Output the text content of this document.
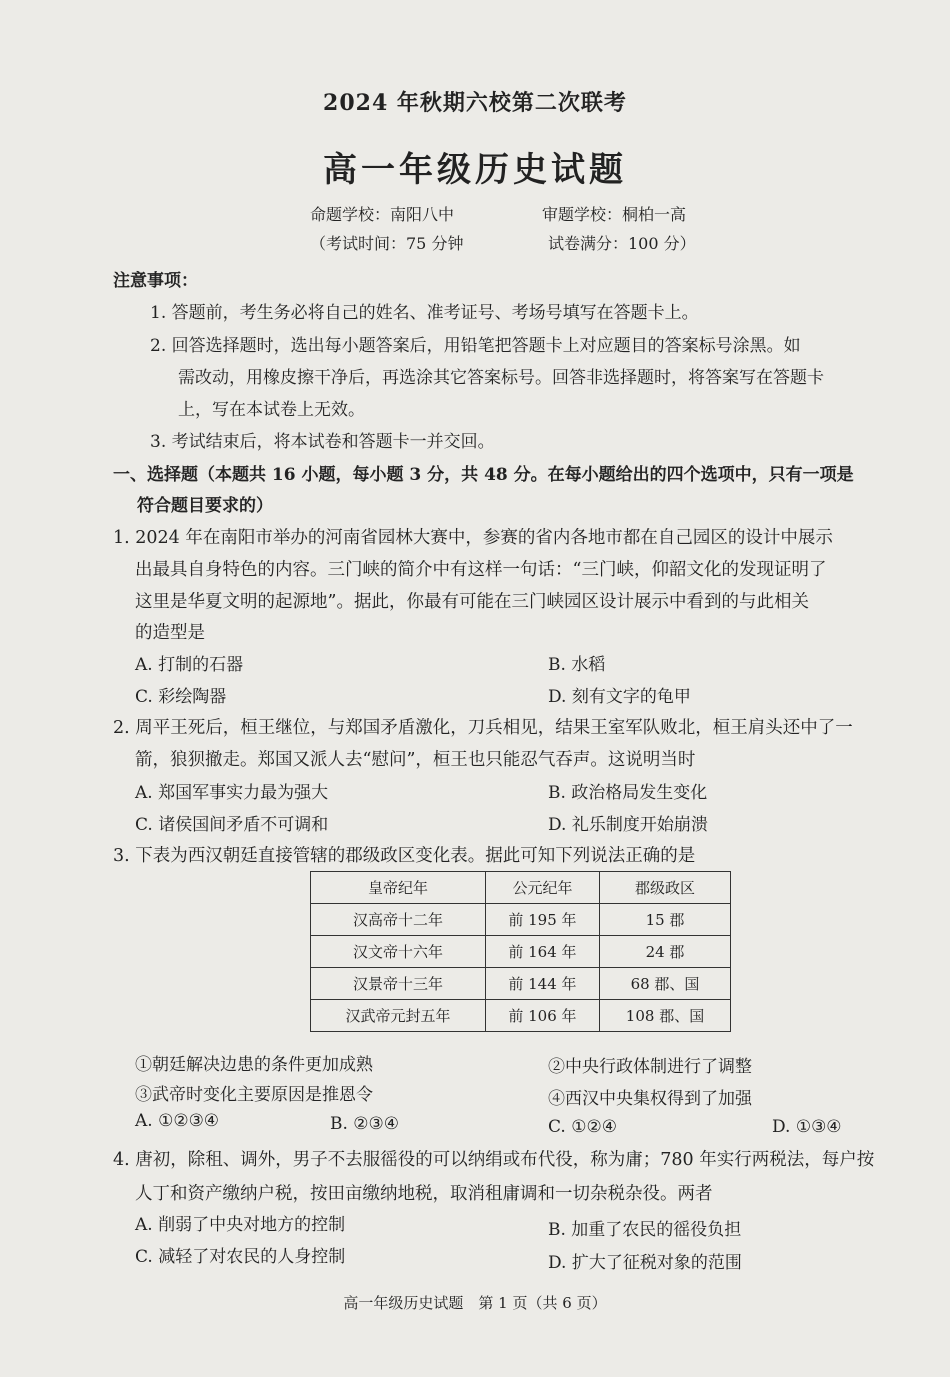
2024 年秋期六校第二次联考
高一年级历史试题
命题学校：南阳八中	审题学校：桐柏一高
（考试时间：75 分钟	试卷满分：100 分）
注意事项：
1. 答题前，考生务必将自己的姓名、准考证号、考场号填写在答题卡上。
2. 回答选择题时，选出每小题答案后，用铅笔把答题卡上对应题目的答案标号涂黑。如
需改动，用橡皮擦干净后，再选涂其它答案标号。回答非选择题时，将答案写在答题卡
上，写在本试卷上无效。
3. 考试结束后，将本试卷和答题卡一并交回。
一、选择题（本题共 16 小题，每小题 3 分，共 48 分。在每小题给出的四个选项中，只有一项是
符合题目要求的）
1. 2024 年在南阳市举办的河南省园林大赛中，参赛的省内各地市都在自己园区的设计中展示
出最具自身特色的内容。三门峡的简介中有这样一句话：“三门峡，仰韶文化的发现证明了
这里是华夏文明的起源地”。据此，你最有可能在三门峡园区设计展示中看到的与此相关
的造型是
A. 打制的石器	B. 水稻
C. 彩绘陶器	D. 刻有文字的龟甲
2. 周平王死后，桓王继位，与郑国矛盾激化，刀兵相见，结果王室军队败北，桓王肩头还中了一
箭，狼狈撤走。郑国又派人去“慰问”，桓王也只能忍气吞声。这说明当时
A. 郑国军事实力最为强大	B. 政治格局发生变化
C. 诸侯国间矛盾不可调和	D. 礼乐制度开始崩溃
3. 下表为西汉朝廷直接管辖的郡级政区变化表。据此可知下列说法正确的是
皇帝纪年	公元纪年	郡级政区
汉高帝十二年	前 195 年	15 郡
汉文帝十六年	前 164 年	24 郡
汉景帝十三年	前 144 年	68 郡、国
汉武帝元封五年	前 106 年	108 郡、国
①朝廷解决边患的条件更加成熟	②中央行政体制进行了调整
③武帝时变化主要原因是推恩令	④西汉中央集权得到了加强
A. ①②③④	B. ②③④	C. ①②④	D. ①③④
4. 唐初，除租、调外，男子不去服徭役的可以纳绢或布代役，称为庸；780 年实行两税法，每户按
人丁和资产缴纳户税，按田亩缴纳地税，取消租庸调和一切杂税杂役。两者
A. 削弱了中央对地方的控制	B. 加重了农民的徭役负担
C. 减轻了对农民的人身控制	D. 扩大了征税对象的范围
高一年级历史试题　第 1 页（共 6 页）
